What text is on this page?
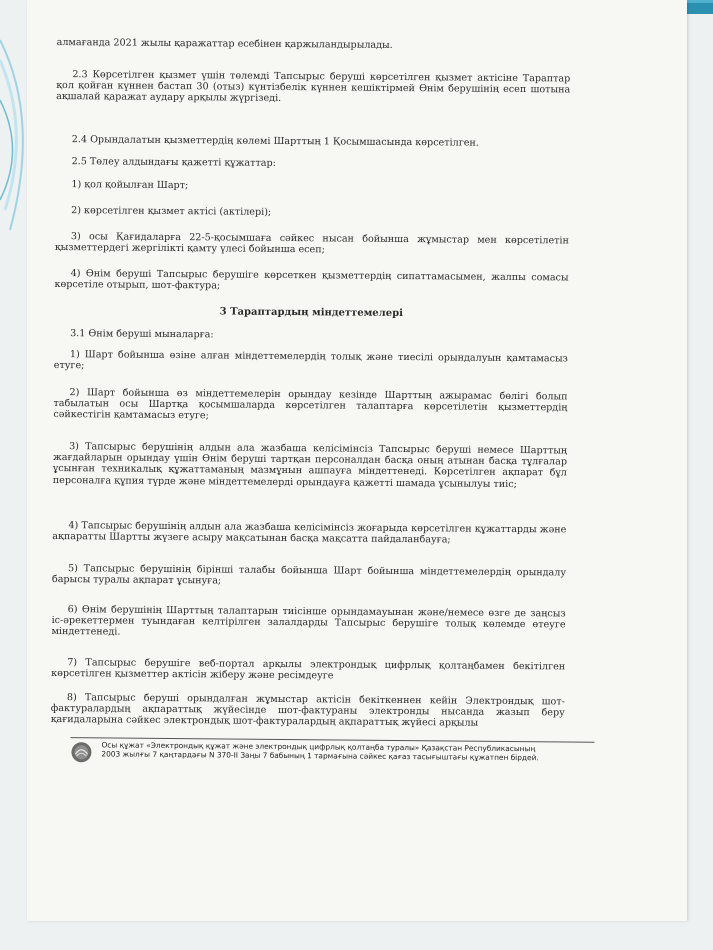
алмағанда 2021 жылы қаражаттар есебінен қаржыландырылады.

2.3 Көрсетілген қызмет үшін төлемді Тапсырыс беруші көрсетілген қызмет актісіне Тараптар қол қойған күннен бастап 30 (отыз) күнтізбелік күннен кешіктірмей Өнім берушінің есеп шотына ақшалай қаражат аудару арқылы жүргізеді.

2.4 Орындалатын қызметтердің көлемі Шарттың 1 Қосымшасында көрсетілген.

2.5 Төлеу алдындағы қажетті құжаттар:

1) қол қойылған Шарт;

2) көрсетілген қызмет актісі (актілері);

3) осы Қағидаларға 22-5-қосымшаға сәйкес нысан бойынша жұмыстар мен көрсетілетін қызметтердегі жергілікті қамту үлесі бойынша есеп;

4) Өнім беруші Тапсырыс берушіге көрсеткен қызметтердің сипаттамасымен, жалпы сомасы көрсетіле отырып, шот-фактура;

3 Тараптардың міндеттемелері

3.1 Өнім беруші мыналарға:

1) Шарт бойынша өзіне алған міндеттемелердің толық және тиесілі орындалуын қамтамасыз етуге;

2) Шарт бойынша өз міндеттемелерін орындау кезінде Шарттың ажырамас бөлігі болып табылатын осы Шартқа қосымшаларда көрсетілген талаптарға көрсетілетін қызметтердің сәйкестігін қамтамасыз етуге;

3) Тапсырыс берушінің алдын ала жазбаша келісімінсіз Тапсырыс беруші немесе Шарттың жағдайларын орындау үшін Өнім беруші тартқан персоналдан басқа оның атынан басқа тұлғалар ұсынған техникалық құжаттаманың мазмұнын ашпауға міндеттенеді. Көрсетілген ақпарат бұл персоналға құпия түрде және міндеттемелерді орындауға қажетті шамада ұсынылуы тиіс;

4) Тапсырыс берушінің алдын ала жазбаша келісімінсіз жоғарыда көрсетілген құжаттарды және ақпаратты Шартты жүзеге асыру мақсатынан басқа мақсатта пайдаланбауға;

5) Тапсырыс берушінің бірінші талабы бойынша Шарт бойынша міндеттемелердің орындалу барысы туралы ақпарат ұсынуға;

6) Өнім берушінің Шарттың талаптарын тиісінше орындамауынан және/немесе өзге де заңсыз іс-әрекеттермен туындаған келтірілген залалдарды Тапсырыс берушіге толық көлемде өтеуге міндеттенеді.

7) Тапсырыс берушіге веб-портал арқылы электрондық цифрлық қолтаңбамен бекітілген көрсетілген қызметтер актісін жіберу және ресімдеуге

8) Тапсырыс беруші орындалған жұмыстар актісін бекіткеннен кейін Электрондық шот-фактуралардың ақпараттық жүйесінде шот-фактураны электронды нысанда жазып беру қағидаларына сәйкес электрондық шот-фактуралардың ақпараттық жүйесі арқылы

Осы құжат «Электрондық құжат және электрондық цифрлық қолтаңба туралы» Қазақстан Республикасының 2003 жылғы 7 қаңтардағы N 370-II Заңы 7 бабының 1 тармағына сәйкес қағаз тасығыштағы құжатпен бірдей.
